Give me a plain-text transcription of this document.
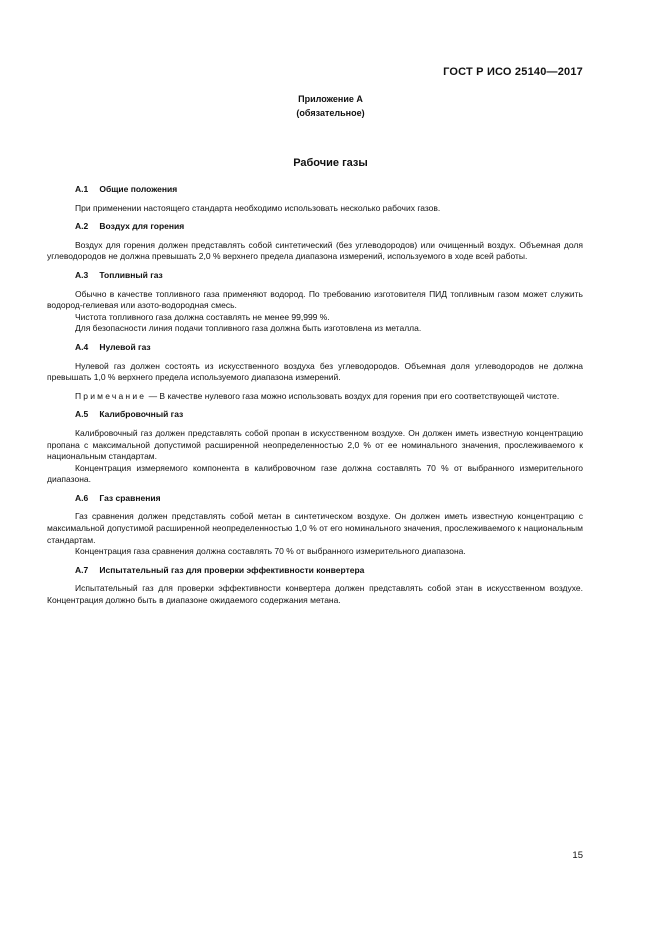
ГОСТ Р ИСО 25140—2017
Приложение А
(обязательное)
Рабочие газы
А.1 Общие положения
При применении настоящего стандарта необходимо использовать несколько рабочих газов.
А.2 Воздух для горения
Воздух для горения должен представлять собой синтетический (без углеводородов) или очищенный воздух. Объемная доля углеводородов не должна превышать 2,0 % верхнего предела диапазона измерений, используемого в ходе всей работы.
А.3 Топливный газ
Обычно в качестве топливного газа применяют водород. По требованию изготовителя ПИД топливным газом может служить водород-гелиевая или азото-водородная смесь.
Чистота топливного газа должна составлять не менее 99,999 %.
Для безопасности линия подачи топливного газа должна быть изготовлена из металла.
А.4 Нулевой газ
Нулевой газ должен состоять из искусственного воздуха без углеводородов. Объемная доля углеводородов не должна превышать 1,0 % верхнего предела используемого диапазона измерений.
Примечание — В качестве нулевого газа можно использовать воздух для горения при его соответствующей чистоте.
А.5 Калибровочный газ
Калибровочный газ должен представлять собой пропан в искусственном воздухе. Он должен иметь известную концентрацию пропана с максимальной допустимой расширенной неопределенностью 2,0 % от ее номинального значения, прослеживаемого к национальным стандартам.
Концентрация измеряемого компонента в калибровочном газе должна составлять 70 % от выбранного измерительного диапазона.
А.6 Газ сравнения
Газ сравнения должен представлять собой метан в синтетическом воздухе. Он должен иметь известную концентрацию с максимальной допустимой расширенной неопределенностью 1,0 % от его номинального значения, прослеживаемого к национальным стандартам.
Концентрация газа сравнения должна составлять 70 % от выбранного измерительного диапазона.
А.7 Испытательный газ для проверки эффективности конвертера
Испытательный газ для проверки эффективности конвертера должен представлять собой этан в искусственном воздухе. Концентрация должно быть в диапазоне ожидаемого содержания метана.
15
